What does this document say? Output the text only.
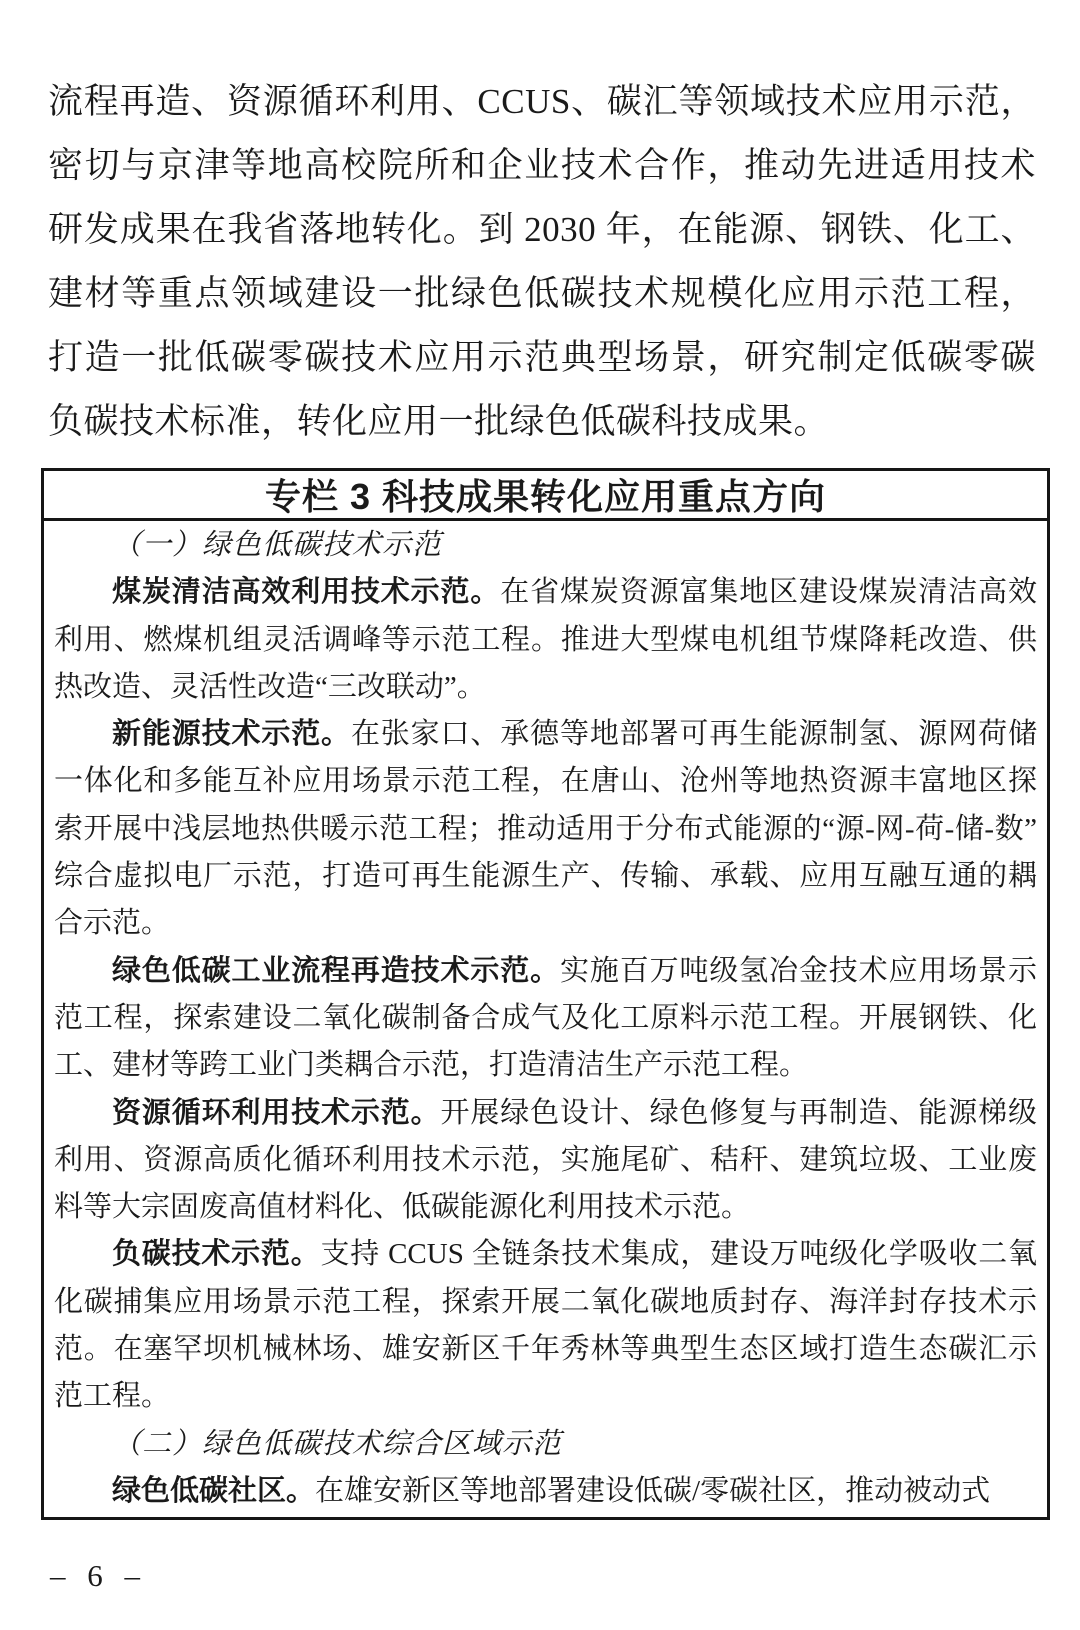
流程再造、资源循环利用、CCUS、碳汇等领域技术应用示范，密切与京津等地高校院所和企业技术合作，推动先进适用技术研发成果在我省落地转化。到 2030 年，在能源、钢铁、化工、建材等重点领域建设一批绿色低碳技术规模化应用示范工程，打造一批低碳零碳技术应用示范典型场景，研究制定低碳零碳负碳技术标准，转化应用一批绿色低碳科技成果。

专栏 3 科技成果转化应用重点方向

（一）绿色低碳技术示范

煤炭清洁高效利用技术示范。在省煤炭资源富集地区建设煤炭清洁高效利用、燃煤机组灵活调峰等示范工程。推进大型煤电机组节煤降耗改造、供热改造、灵活性改造“三改联动”。

新能源技术示范。在张家口、承德等地部署可再生能源制氢、源网荷储一体化和多能互补应用场景示范工程，在唐山、沧州等地热资源丰富地区探索开展中浅层地热供暖示范工程；推动适用于分布式能源的“源-网-荷-储-数”综合虚拟电厂示范，打造可再生能源生产、传输、承载、应用互融互通的耦合示范。

绿色低碳工业流程再造技术示范。实施百万吨级氢冶金技术应用场景示范工程，探索建设二氧化碳制备合成气及化工原料示范工程。开展钢铁、化工、建材等跨工业门类耦合示范，打造清洁生产示范工程。

资源循环利用技术示范。开展绿色设计、绿色修复与再制造、能源梯级利用、资源高质化循环利用技术示范，实施尾矿、秸秆、建筑垃圾、工业废料等大宗固废高值材料化、低碳能源化利用技术示范。

负碳技术示范。支持 CCUS 全链条技术集成，建设万吨级化学吸收二氧化碳捕集应用场景示范工程，探索开展二氧化碳地质封存、海洋封存技术示范。在塞罕坝机械林场、雄安新区千年秀林等典型生态区域打造生态碳汇示范工程。

（二）绿色低碳技术综合区域示范

绿色低碳社区。在雄安新区等地部署建设低碳/零碳社区，推动被动式

– 6 –
